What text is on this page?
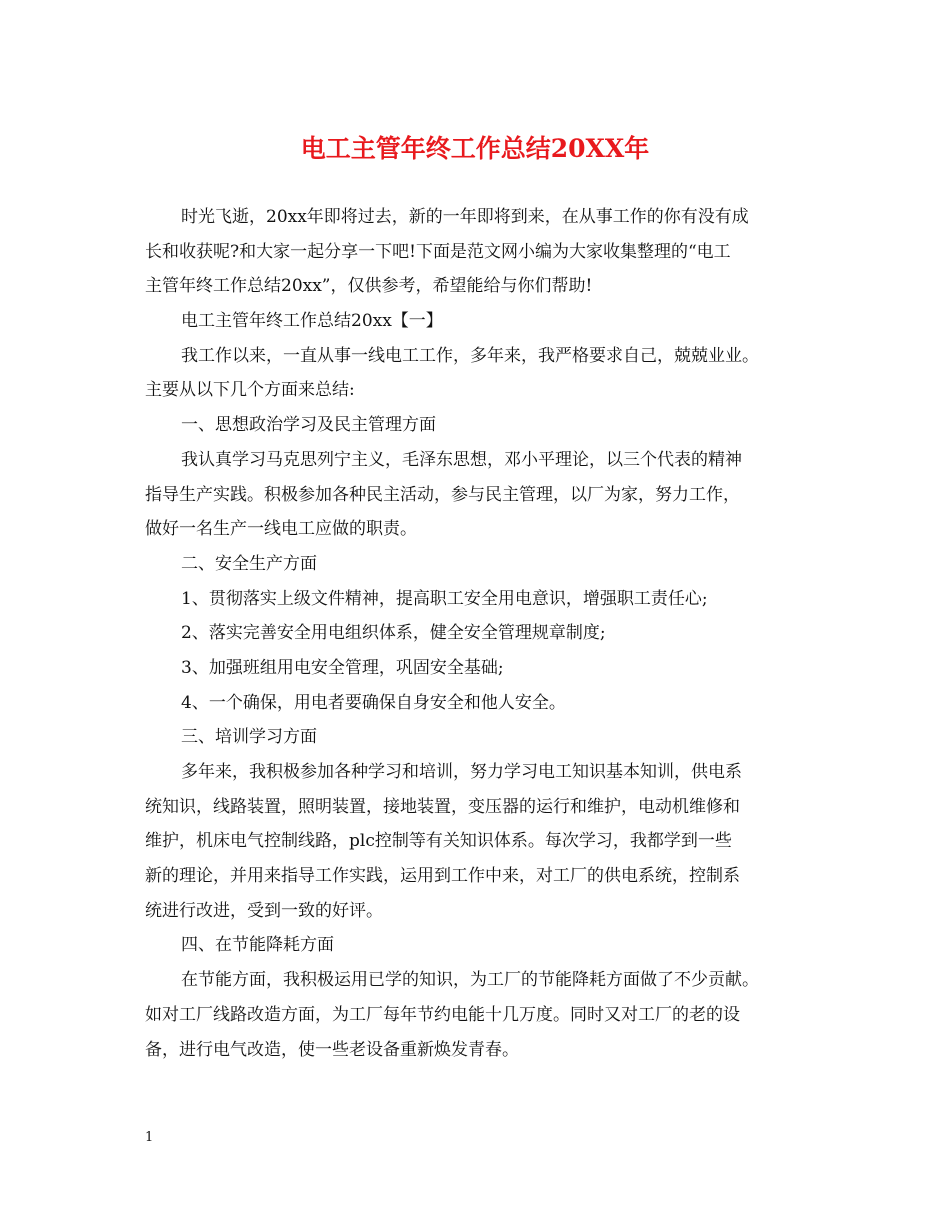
电工主管年终工作总结20XX年
时光飞逝，20xx年即将过去，新的一年即将到来，在从事工作的你有没有成
长和收获呢?和大家一起分享一下吧!下面是范文网小编为大家收集整理的“电工
主管年终工作总结20xx”，仅供参考，希望能给与你们帮助!
电工主管年终工作总结20xx【一】
我工作以来，一直从事一线电工工作，多年来，我严格要求自己，兢兢业业。
主要从以下几个方面来总结:
一、思想政治学习及民主管理方面
我认真学习马克思列宁主义，毛泽东思想，邓小平理论，以三个代表的精神
指导生产实践。积极参加各种民主活动，参与民主管理，以厂为家，努力工作，
做好一名生产一线电工应做的职责。
二、安全生产方面
1、贯彻落实上级文件精神，提高职工安全用电意识，增强职工责任心;
2、落实完善安全用电组织体系，健全安全管理规章制度;
3、加强班组用电安全管理，巩固安全基础;
4、一个确保，用电者要确保自身安全和他人安全。
三、培训学习方面
多年来，我积极参加各种学习和培训，努力学习电工知识基本知训，供电系
统知识，线路装置，照明装置，接地装置，变压器的运行和维护，电动机维修和
维护，机床电气控制线路，plc控制等有关知识体系。每次学习，我都学到一些
新的理论，并用来指导工作实践，运用到工作中来，对工厂的供电系统，控制系
统进行改进，受到一致的好评。
四、在节能降耗方面
在节能方面，我积极运用已学的知识，为工厂的节能降耗方面做了不少贡献。
如对工厂线路改造方面，为工厂每年节约电能十几万度。同时又对工厂的老的设
备，进行电气改造，使一些老设备重新焕发青春。
1
